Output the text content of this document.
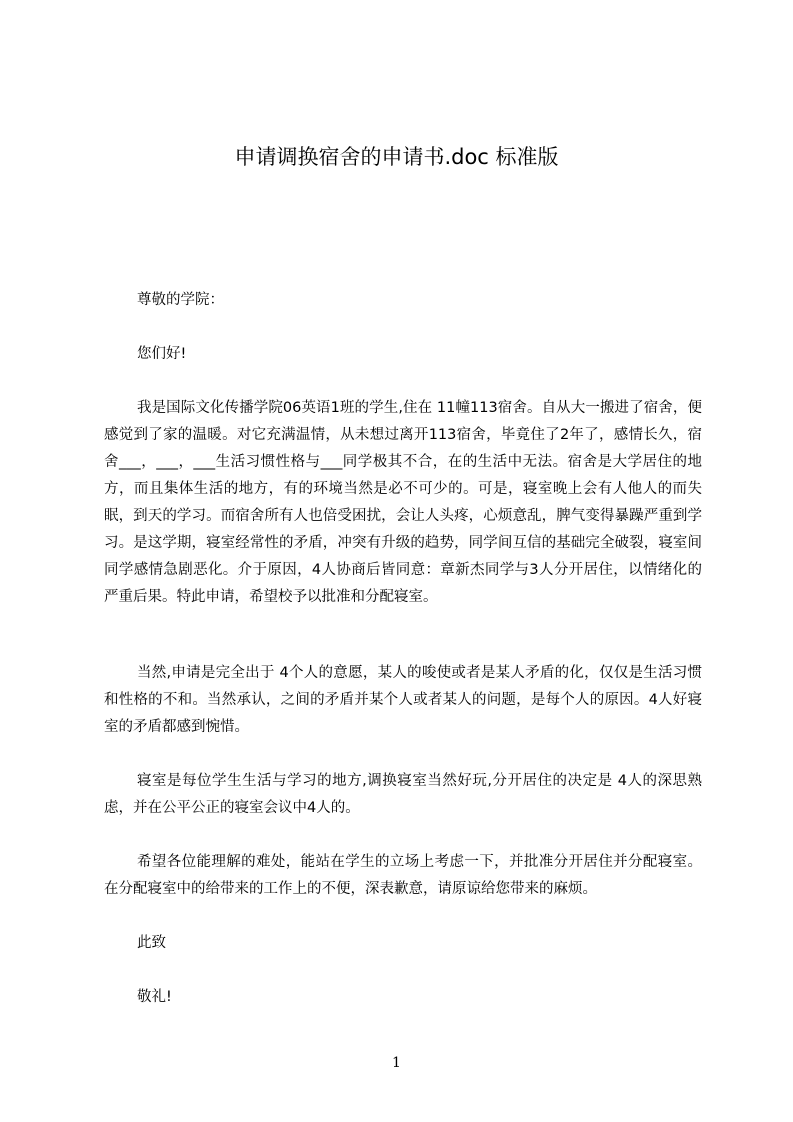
申请调换宿舍的申请书.doc 标准版

尊敬的学院：

您们好!

我是国际文化传播学院06英语1班的学生,住在 11幢113宿舍。自从大一搬进了宿舍，便感觉到了家的温暖。对它充满温情，从未想过离开113宿舍，毕竟住了2年了，感情长久，宿舍___，___，___生活习惯性格与___同学极其不合，在的生活中无法。宿舍是大学居住的地方，而且集体生活的地方，有的环境当然是必不可少的。可是，寝室晚上会有人他人的而失眠，到天的学习。而宿舍所有人也倍受困扰，会让人头疼，心烦意乱，脾气变得暴躁严重到学习。是这学期，寝室经常性的矛盾，冲突有升级的趋势，同学间互信的基础完全破裂，寝室间同学感情急剧恶化。介于原因，4人协商后皆同意：章新杰同学与3人分开居住，以情绪化的严重后果。特此申请，希望校予以批准和分配寝室。

当然,申请是完全出于 4个人的意愿，某人的唆使或者是某人矛盾的化，仅仅是生活习惯和性格的不和。当然承认，之间的矛盾并某个人或者某人的问题，是每个人的原因。4人好寝室的矛盾都感到惋惜。

寝室是每位学生生活与学习的地方,调换寝室当然好玩,分开居住的决定是 4人的深思熟虑，并在公平公正的寝室会议中4人的。

希望各位能理解的难处，能站在学生的立场上考虑一下，并批准分开居住并分配寝室。在分配寝室中的给带来的工作上的不便，深表歉意，请原谅给您带来的麻烦。

此致

敬礼!

1
